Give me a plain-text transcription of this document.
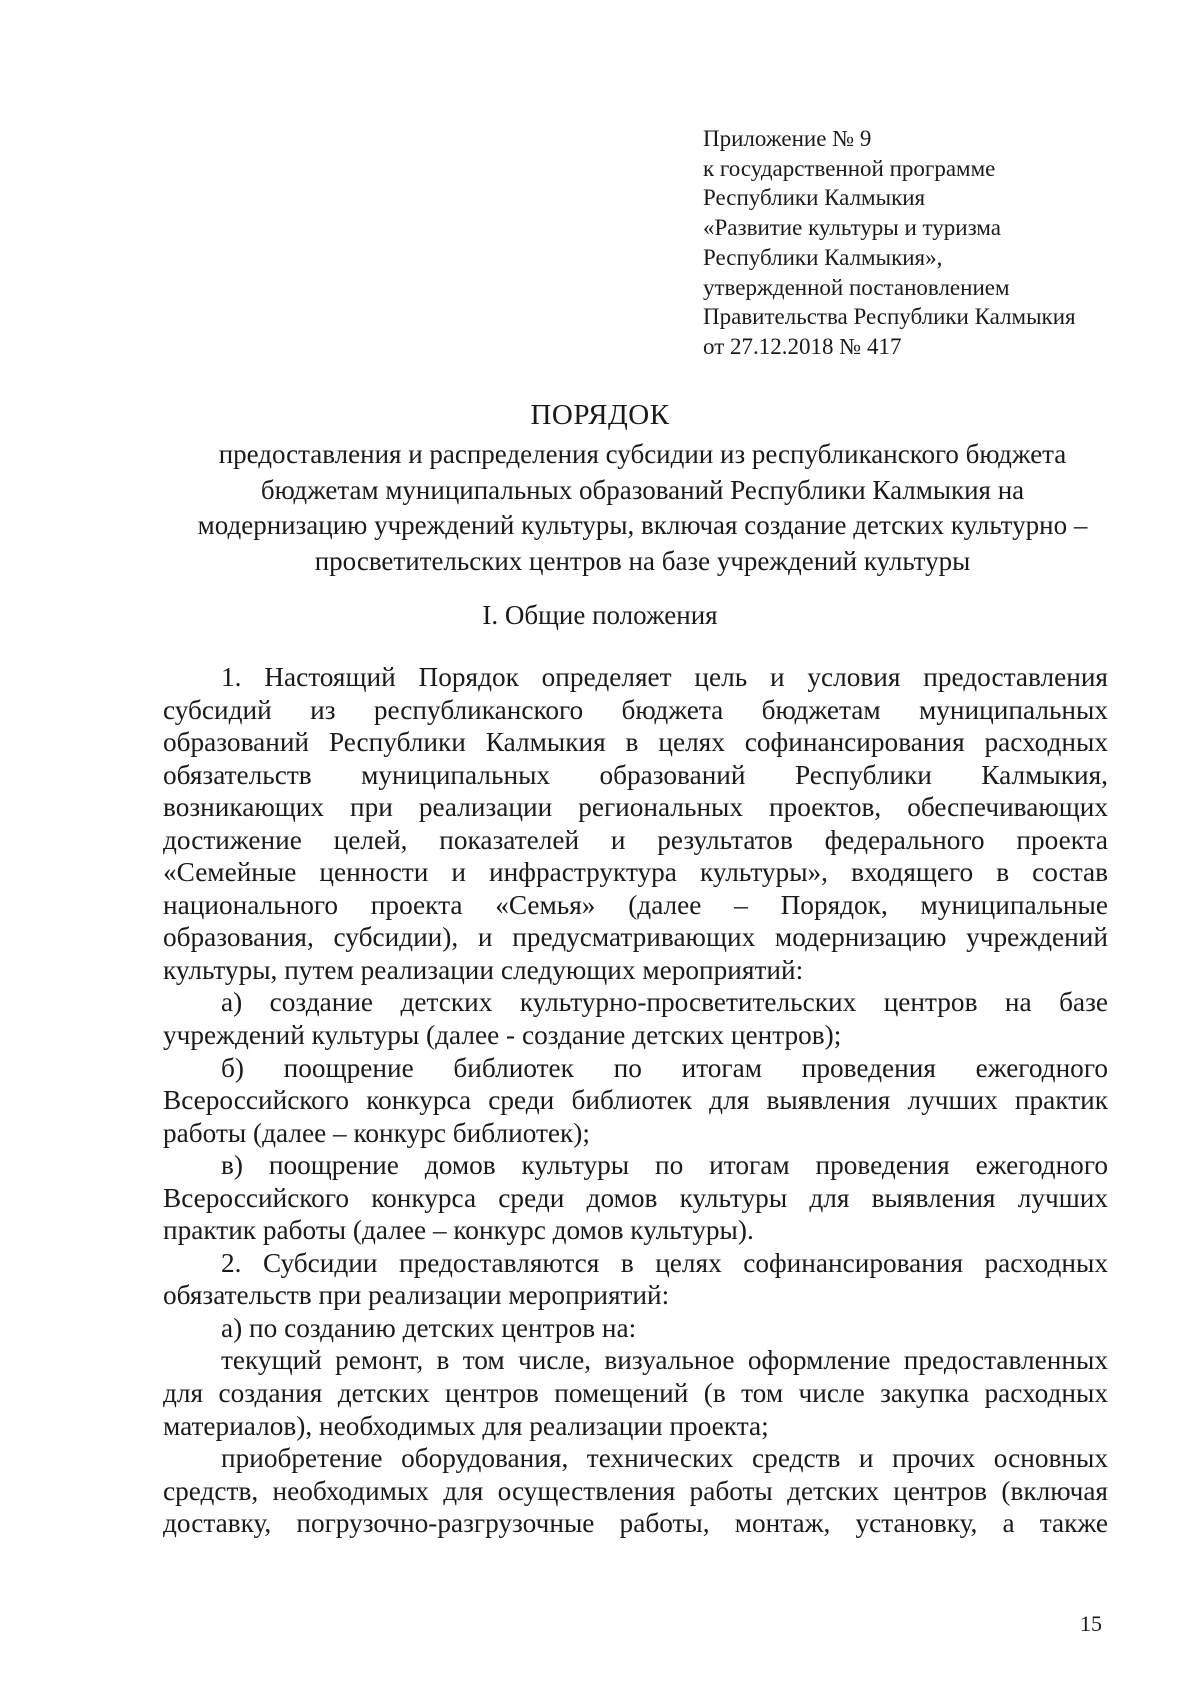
Приложение № 9
к государственной программе
Республики Калмыкия
«Развитие культуры и туризма
Республики Калмыкия»,
утвержденной постановлением
Правительства Республики Калмыкия
от 27.12.2018 № 417
ПОРЯДОК
предоставления и распределения субсидии из республиканского бюджета
бюджетам муниципальных образований Республики Калмыкия на
модернизацию учреждений культуры, включая создание детских культурно –
просветительских центров на базе учреждений культуры
I. Общие положения
1. Настоящий Порядок определяет цель и условия предоставления
субсидий из республиканского бюджета бюджетам муниципальных
образований Республики Калмыкия в целях софинансирования расходных
обязательств муниципальных образований Республики Калмыкия,
возникающих при реализации региональных проектов, обеспечивающих
достижение целей, показателей и результатов федерального проекта
«Семейные ценности и инфраструктура культуры», входящего в состав
национального проекта «Семья» (далее – Порядок, муниципальные
образования, субсидии), и предусматривающих модернизацию учреждений
культуры, путем реализации следующих мероприятий:
а) создание детских культурно-просветительских центров на базе
учреждений культуры (далее - создание детских центров);
б) поощрение библиотек по итогам проведения ежегодного
Всероссийского конкурса среди библиотек для выявления лучших практик
работы (далее – конкурс библиотек);
в) поощрение домов культуры по итогам проведения ежегодного
Всероссийского конкурса среди домов культуры для выявления лучших
практик работы (далее – конкурс домов культуры).
2. Субсидии предоставляются в целях софинансирования расходных
обязательств при реализации мероприятий:
а) по созданию детских центров на:
текущий ремонт, в том числе, визуальное оформление предоставленных
для создания детских центров помещений (в том числе закупка расходных
материалов), необходимых для реализации проекта;
приобретение оборудования, технических средств и прочих основных
средств, необходимых для осуществления работы детских центров (включая
доставку, погрузочно-разгрузочные работы, монтаж, установку, а также
15
